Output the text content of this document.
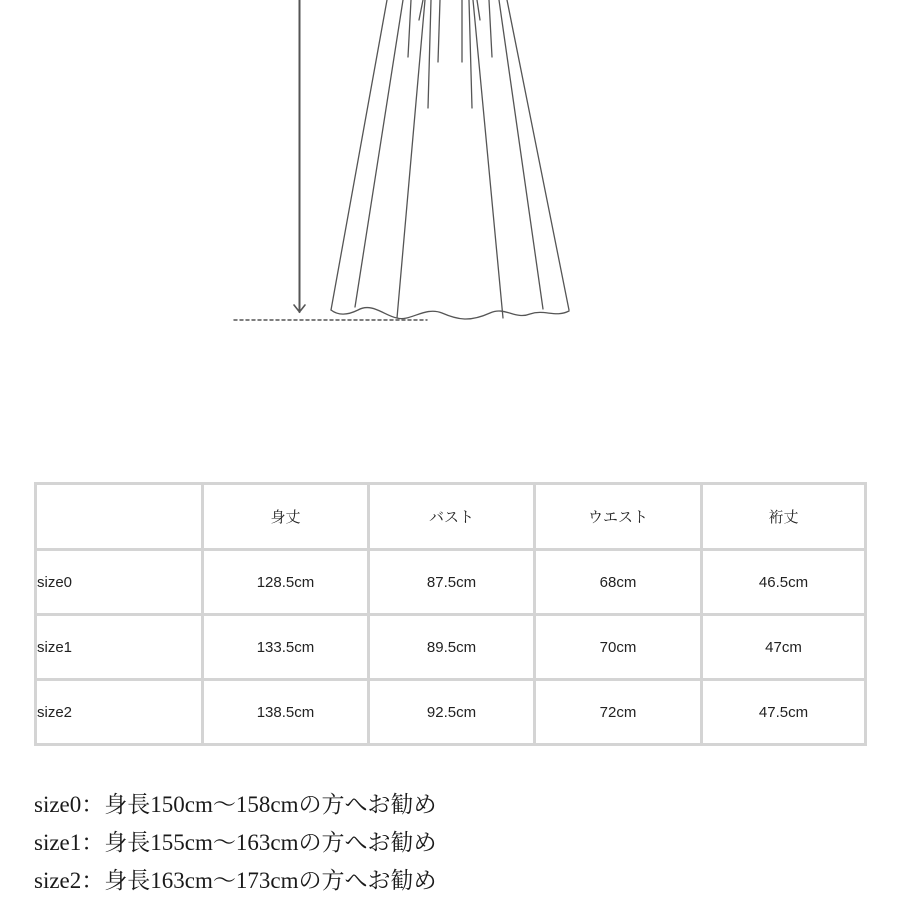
	身丈	バスト	ウエスト	裄丈
size0	128.5cm	87.5cm	68cm	46.5cm
size1	133.5cm	89.5cm	70cm	47cm
size2	138.5cm	92.5cm	72cm	47.5cm
size0：身長150cm〜158cmの方へお勧め
size1：身長155cm〜163cmの方へお勧め
size2：身長163cm〜173cmの方へお勧め
